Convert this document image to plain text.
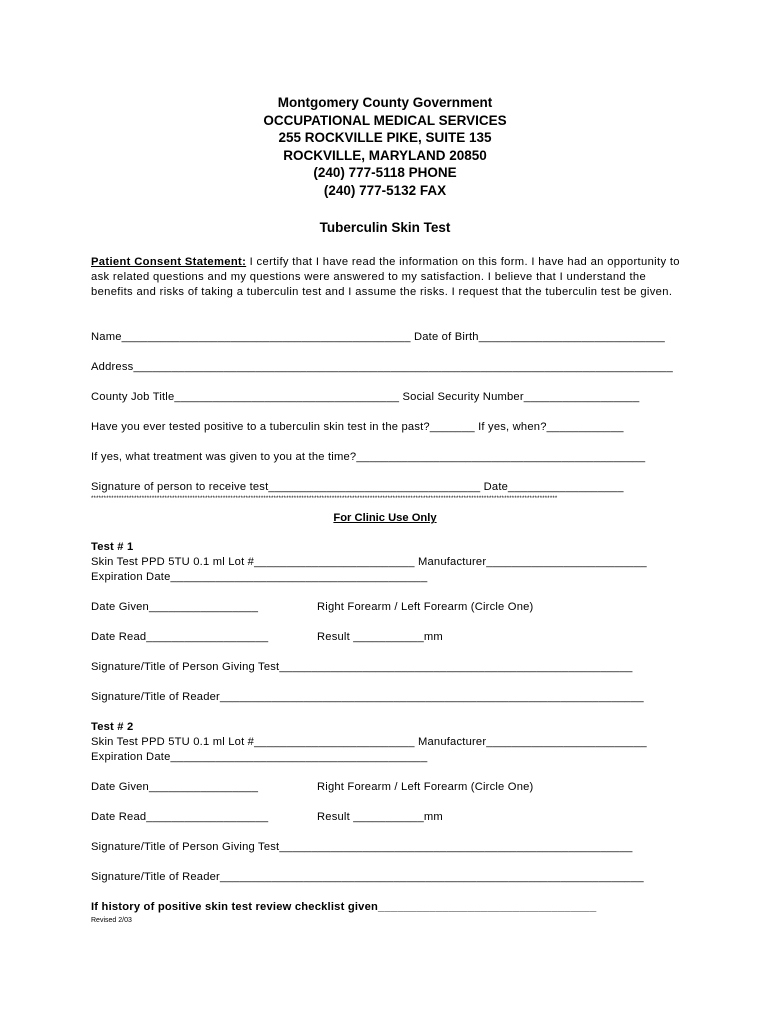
Montgomery County Government
OCCUPATIONAL MEDICAL SERVICES
255 ROCKVILLE PIKE, SUITE 135
ROCKVILLE, MARYLAND 20850
(240) 777-5118 PHONE
(240) 777-5132 FAX
Tuberculin Skin Test
Patient Consent Statement: I certify that I have read the information on this form. I have had an opportunity to ask related questions and my questions were answered to my satisfaction. I believe that I understand the benefits and risks of taking a tuberculin test and I assume the risks. I request that the tuberculin test be given.
Name_____________________________________________ Date of Birth_____________________________
Address____________________________________________________________________________________
County Job Title___________________________________ Social Security Number__________________
Have you ever tested positive to a tuberculin skin test in the past?_______ If yes, when?____________
If yes, what treatment was given to you at the time?_____________________________________________
Signature of person to receive test_________________________________ Date__________________
****************************************************************************************************************************************************************************************
For Clinic Use Only
Test # 1
Skin Test PPD 5TU 0.1 ml Lot #_________________________ Manufacturer_________________________
Expiration Date________________________________________
Date Given_________________	Right Forearm / Left Forearm (Circle One)
Date Read___________________	Result ___________mm
Signature/Title of Person Giving Test_______________________________________________________
Signature/Title of Reader__________________________________________________________________
Test # 2
Skin Test PPD 5TU 0.1 ml Lot #_________________________ Manufacturer_________________________
Expiration Date________________________________________
Date Given_________________	Right Forearm / Left Forearm (Circle One)
Date Read___________________	Result ___________mm
Signature/Title of Person Giving Test_______________________________________________________
Signature/Title of Reader__________________________________________________________________
If history of positive skin test review checklist given__________________________________
Revised 2/03
